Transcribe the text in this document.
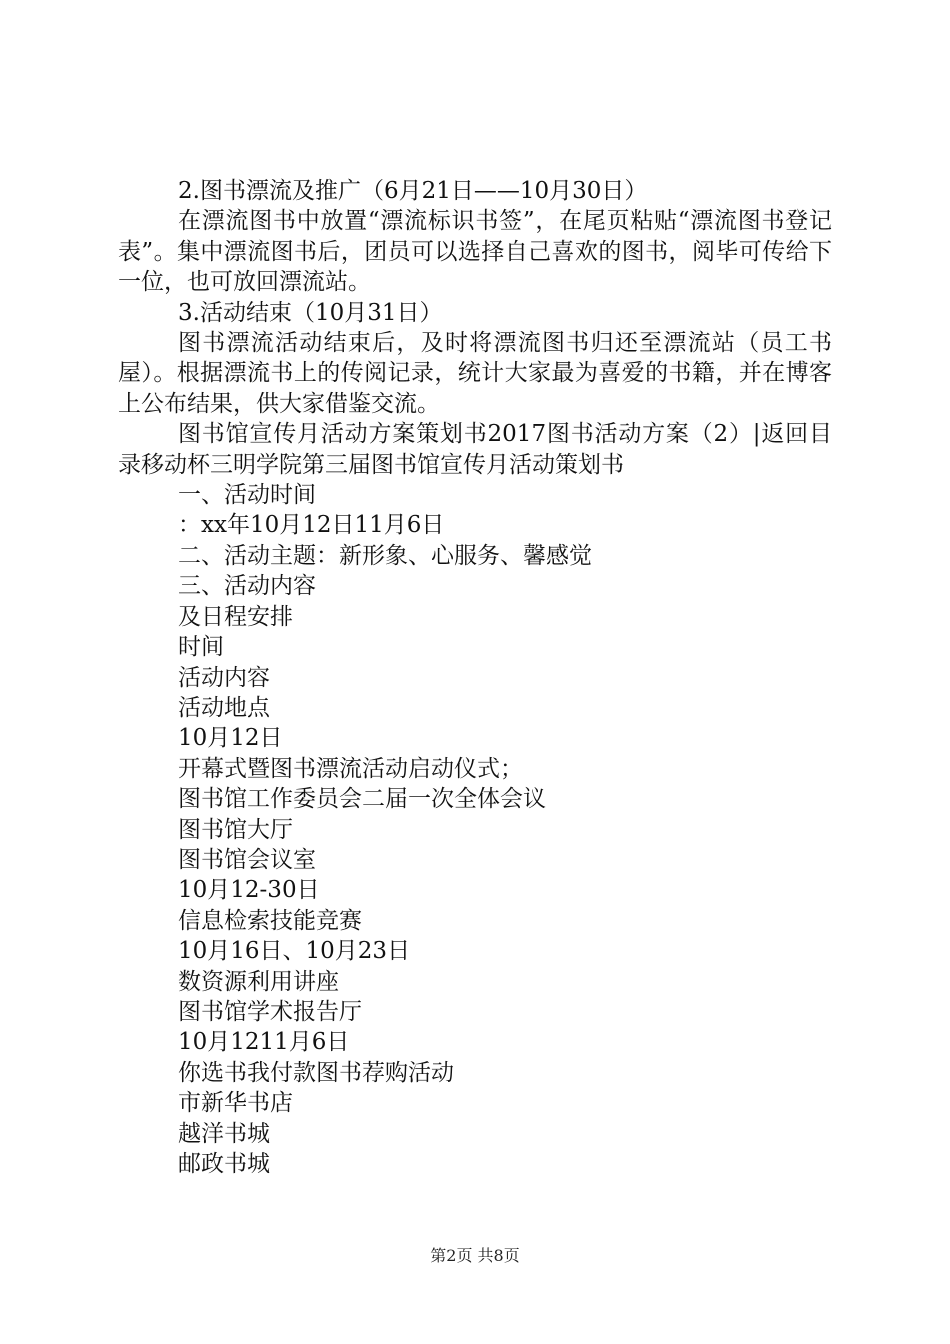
2.图书漂流及推广（6月21日——10月30日）

在漂流图书中放置“漂流标识书签”，在尾页粘贴“漂流图书登记表”。集中漂流图书后，团员可以选择自己喜欢的图书，阅毕可传给下一位，也可放回漂流站。

3.活动结束（10月31日）

图书漂流活动结束后，及时将漂流图书归还至漂流站（员工书屋）。根据漂流书上的传阅记录，统计大家最为喜爱的书籍，并在博客上公布结果，供大家借鉴交流。

图书馆宣传月活动方案策划书2017图书活动方案（2）|返回目录移动杯三明学院第三届图书馆宣传月活动策划书

一、活动时间
：xx年10月12日11月6日
二、活动主题：新形象、心服务、馨感觉
三、活动内容
及日程安排
时间
活动内容
活动地点
10月12日
开幕式暨图书漂流活动启动仪式；
图书馆工作委员会二届一次全体会议
图书馆大厅
图书馆会议室
10月12-30日
信息检索技能竞赛
10月16日、10月23日
数资源利用讲座
图书馆学术报告厅
10月1211月6日
你选书我付款图书荐购活动
市新华书店
越洋书城
邮政书城
第2页 共8页
